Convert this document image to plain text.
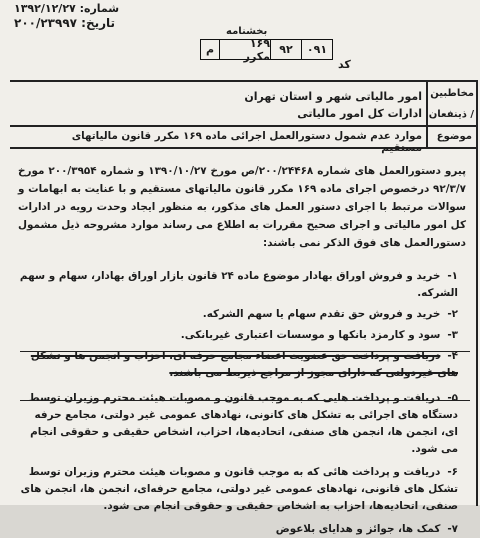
شماره: ۱۳۹۲/۱۲/۲۷
تاریخ: ۲۰۰/۲۳۹۹۷
بخشنامه
م	۱۶۹ مکرر ۹۲	۰۹۱
کد
مخاطبین
/ ذینفعان
امور مالیاتی شهر و استان تهران
ادارات کل امور مالیاتی
موضوع
موارد عدم شمول دستورالعمل اجرائی ماده ۱۶۹ مکرر قانون مالیاتهای مستقیم
پیرو دستورالعمل های شماره ۲۰۰/۲۴۴۶۸/ص مورخ ۱۳۹۰/۱۰/۲۷ و شماره ۲۰۰/۳۹۵۴ مورخ ۹۲/۳/۷ درخصوص اجرای ماده ۱۶۹ مکرر قانون مالیاتهای مستقیم و با عنایت به ابهامات و سوالات مرتبط با اجرای دستور العمل های مذکور، به منظور ایجاد وحدت رویه در ادارات کل امور مالیاتی و اجرای صحیح مقررات به اطلاع می رساند موارد مشروحه ذیل مشمول دستورالعمل های فوق الذکر نمی باشند:
۱- خرید و فروش اوراق بهادار موضوع ماده ۲۴ قانون بازار اوراق بهادار، سهام و سهم الشرکه.
۲- خرید و فروش حق تقدم سهام یا سهم الشرکه.
۳- سود و کارمزد بانکها و موسسات اعتباری غیربانکی.
۴- دریافت و پرداخت حق عضویت اعضاء مجامع حرفه ای، احزاب و انجمن ها و تشکل های غیردولتی که دارای مجوز از مراجع ذیربط می باشند.
۵- دریافت و پرداخت هایی که به موجب قانون و مصوبات هیئت محترم وزیران توسط دستگاه های اجرائی به تشکل های کانونی، نهادهای عمومی غیر دولتی، مجامع حرفه ای، انجمن ها، انجمن های صنفی، اتحادیه‌ها، احزاب، اشخاص حقیقی و حقوقی انجام می شود.
۶- دریافت و پرداخت هائی که به موجب قانون و مصوبات هیئت محترم وزیران توسط تشکل های قانونی، نهادهای عمومی غیر دولتی، مجامع حرفه‌ای، انجمن ها، انجمن های صنفی، اتحادیه‌ها، احزاب به اشخاص حقیقی و حقوقی انجام می شود.
۷- کمک ها، جوائز و هدایای بلاعوض
